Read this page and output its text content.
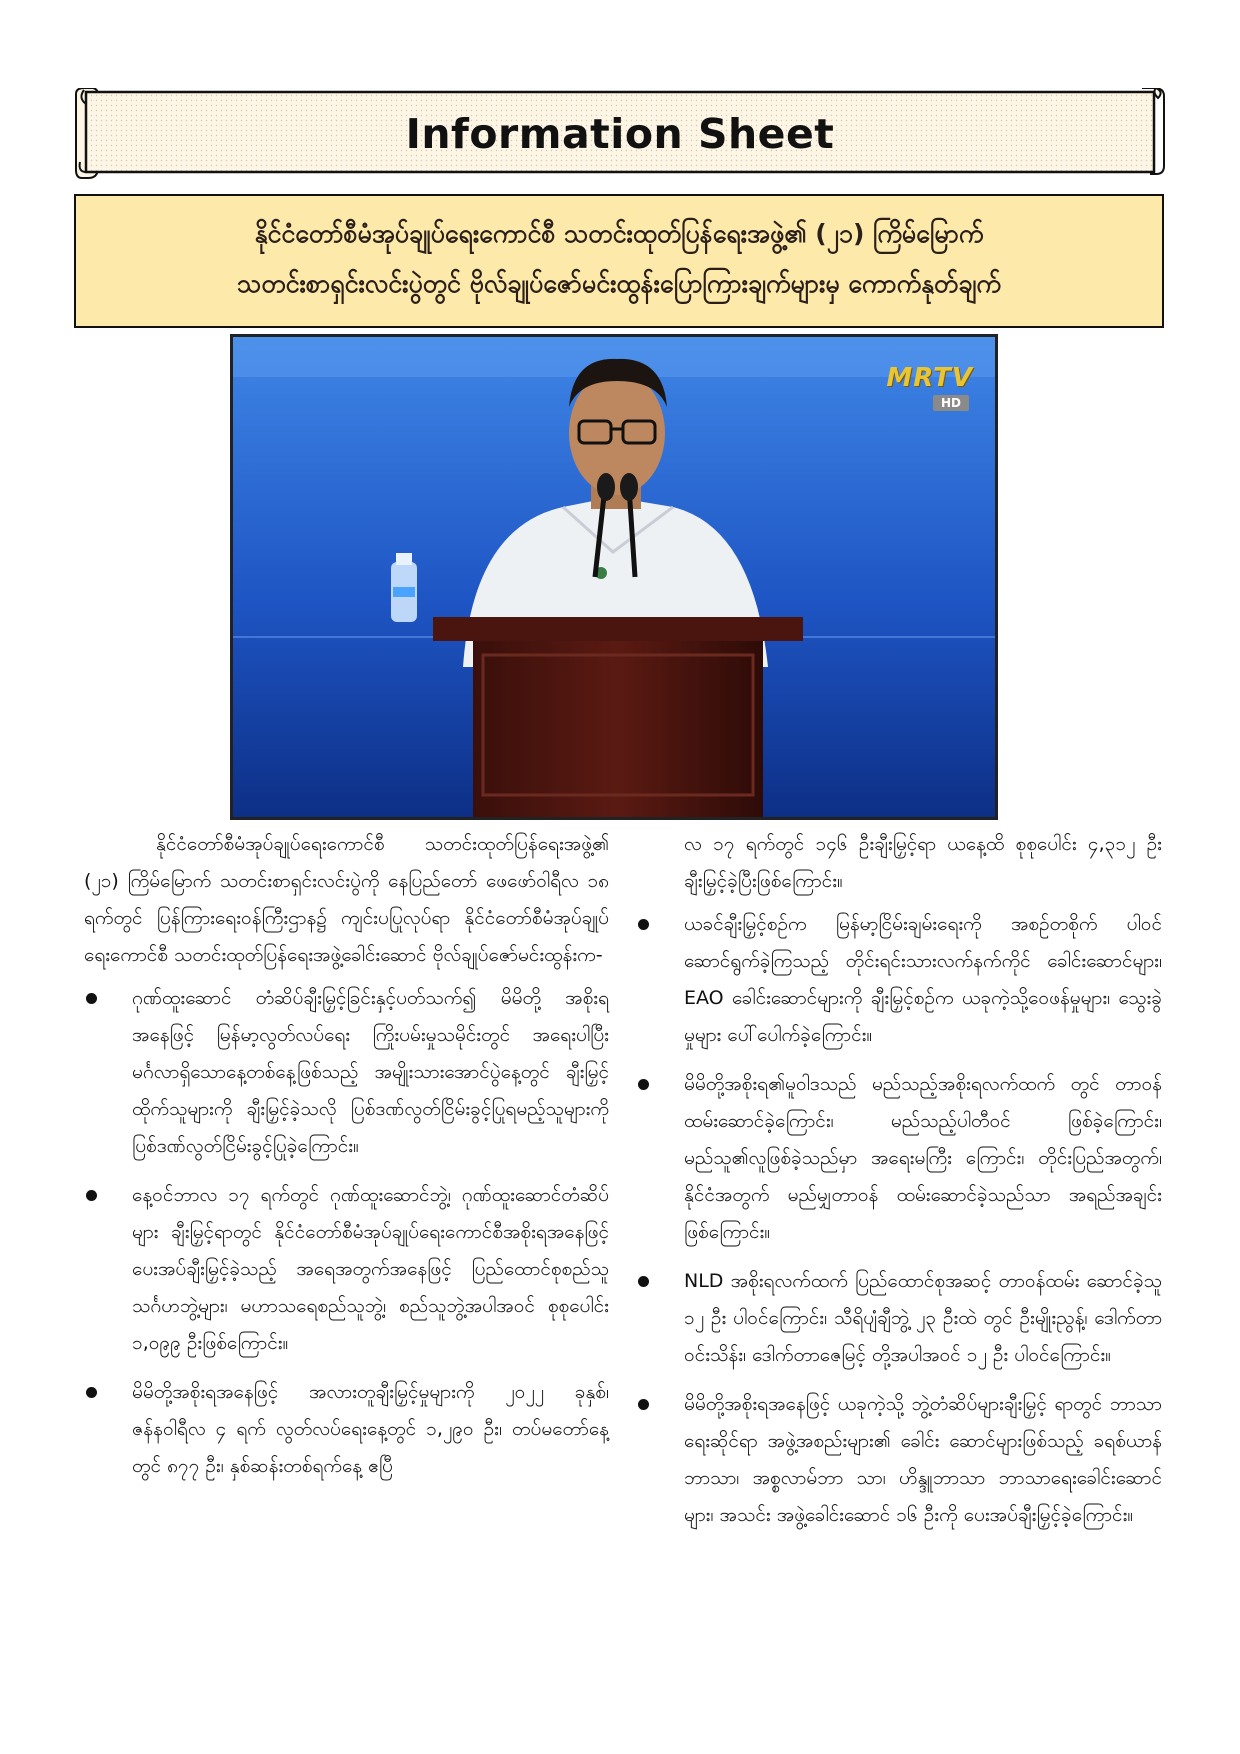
Information Sheet
နိုင်ငံတော်စီမံအုပ်ချုပ်ရေးကောင်စီ သတင်းထုတ်ပြန်ရေးအဖွဲ့၏ (၂၁) ကြိမ်မြောက်
သတင်းစာရှင်းလင်းပွဲတွင် ဗိုလ်ချုပ်ဇော်မင်းထွန်းပြောကြားချက်များမှ ကောက်နုတ်ချက်
MRTV
HD

နိုင်ငံတော်စီမံအုပ်ချုပ်ရေးကောင်စီ သတင်းထုတ်ပြန်ရေးအဖွဲ့၏ (၂၁) ကြိမ်မြောက် သတင်းစာရှင်းလင်းပွဲကို နေပြည်တော် ဖေဖော်ဝါရီလ ၁၈ ရက်တွင် ပြန်ကြားရေးဝန်ကြီးဌာန၌ ကျင်းပပြုလုပ်ရာ နိုင်ငံတော်စီမံအုပ်ချုပ်ရေးကောင်စီ သတင်းထုတ်ပြန်ရေးအဖွဲ့ခေါင်းဆောင် ဗိုလ်ချုပ်ဇော်မင်းထွန်းက-

ဂုဏ်ထူးဆောင် တံဆိပ်ချီးမြှင့်ခြင်းနှင့်ပတ်သက်၍ မိမိတို့ အစိုးရအနေဖြင့် မြန်မာ့လွတ်လပ်ရေး ကြိုးပမ်းမှုသမိုင်းတွင် အရေးပါပြီး မင်္ဂလာရှိသောနေ့တစ်နေ့ဖြစ်သည့် အမျိုးသားအောင်ပွဲနေ့တွင် ချီးမြှင့်ထိုက်သူများကို ချီးမြှင့်ခဲ့သလို ပြစ်ဒဏ်လွတ်ငြိမ်းခွင့်ပြုရမည့်သူများကို ပြစ်ဒဏ်လွတ်ငြိမ်းခွင့်ပြုခဲ့ကြောင်း။
နေ့ဝင်ဘာလ ၁၇ ရက်တွင် ဂုဏ်ထူးဆောင်ဘွဲ့၊ ဂုဏ်ထူးဆောင်တံဆိပ်များ ချီးမြှင့်ရာတွင် နိုင်ငံတော်စီမံအုပ်ချုပ်ရေးကောင်စီအစိုးရအနေဖြင့် ပေးအပ်ချီးမြှင့်ခဲ့သည့် အရေအတွက်အနေဖြင့် ပြည်ထောင်စုစည်သူသင်္ဂဟဘွဲ့များ၊ မဟာသရေစည်သူဘွဲ့၊ စည်သူဘွဲ့အပါအဝင် စုစုပေါင်း ၁,၀၉၉ ဦးဖြစ်ကြောင်း။
မိမိတို့အစိုးရအနေဖြင့် အလားတူချီးမြှင့်မှုများကို ၂၀၂၂ ခုနှစ်၊ ဇန်နဝါရီလ ၄ ရက် လွတ်လပ်ရေးနေ့တွင် ၁,၂၉၀ ဦး၊ တပ်မတော်နေ့တွင် ၈၇၇ ဦး၊ နှစ်ဆန်းတစ်ရက်နေ့ ဧပြီ

လ ၁၇ ရက်တွင် ၁၄၆ ဦးချီးမြှင့်ရာ ယနေ့ထိ စုစုပေါင်း ၄,၃၁၂ ဦး ချီးမြှင့်ခဲ့ပြီးဖြစ်ကြောင်း။

ယခင်ချီးမြှင့်စဉ်က မြန်မာ့ငြိမ်းချမ်းရေးကို အစဉ်တစိုက် ပါဝင်ဆောင်ရွက်ခဲ့ကြသည့် တိုင်းရင်းသားလက်နက်ကိုင် ခေါင်းဆောင်များ၊ EAO ခေါင်းဆောင်များကို ချီးမြှင့်စဉ်က ယခုကဲ့သို့ဝေဖန်မှုများ၊ သွေးခွဲမှုများ ပေါ်ပေါက်ခဲ့ကြောင်း။
မိမိတို့အစိုးရ၏မူဝါဒသည် မည်သည့်အစိုးရလက်ထက် တွင် တာဝန်ထမ်းဆောင်ခဲ့ကြောင်း၊ မည်သည့်ပါတီဝင် ဖြစ်ခဲ့ကြောင်း၊ မည်သူ၏လူဖြစ်ခဲ့သည်မှာ အရေးမကြီး ကြောင်း၊ တိုင်းပြည်အတွက်၊ နိုင်ငံအတွက် မည်မျှတာဝန် ထမ်းဆောင်ခဲ့သည်သာ အရည်အချင်းဖြစ်ကြောင်း။
NLD အစိုးရလက်ထက် ပြည်ထောင်စုအဆင့် တာဝန်ထမ်း ဆောင်ခဲ့သူ ၁၂ ဦး ပါဝင်ကြောင်း၊ သီရိပျံချီဘွဲ့ ၂၃ ဦးထဲ တွင် ဦးမျိုးညွန့်၊ ဒေါက်တာဝင်းသိန်း၊ ဒေါက်တာဇေမြင့် တို့အပါအဝင် ၁၂ ဦး ပါဝင်ကြောင်း။
မိမိတို့အစိုးရအနေဖြင့် ယခုကဲ့သို့ ဘွဲ့တံဆိပ်များချီးမြှင့် ရာတွင် ဘာသာရေးဆိုင်ရာ အဖွဲ့အစည်းများ၏ ခေါင်း ဆောင်များဖြစ်သည့် ခရစ်ယာန်ဘာသာ၊ အစ္စလာမ်ဘာ သာ၊ ဟိန္ဒူဘာသာ ဘာသာရေးခေါင်းဆောင်များ၊ အသင်း အဖွဲ့ခေါင်းဆောင် ၁၆ ဦးကို ပေးအပ်ချီးမြှင့်ခဲ့ကြောင်း။
